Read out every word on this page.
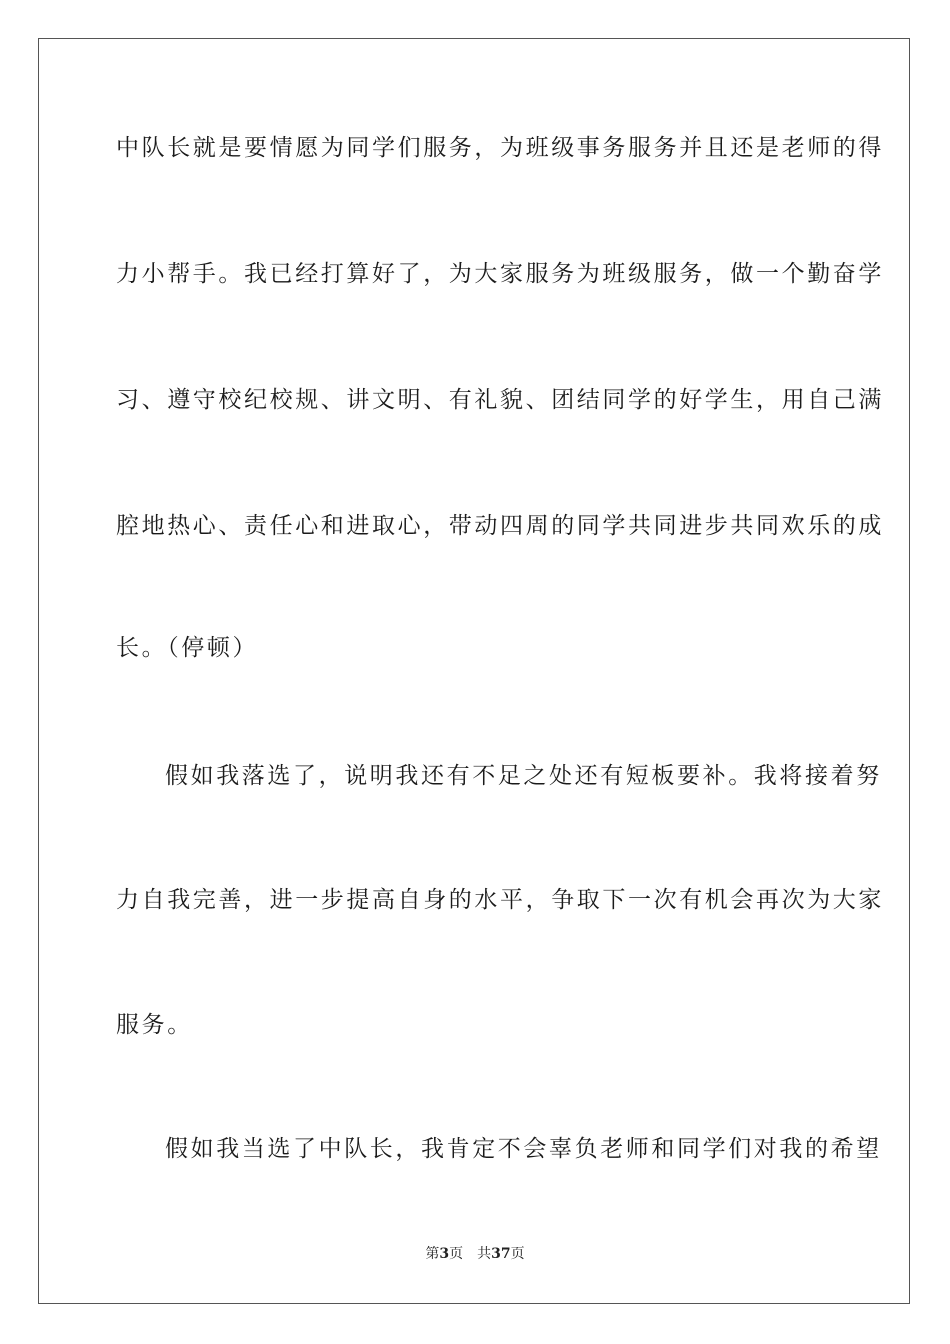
中队长就是要情愿为同学们服务，为班级事务服务并且还是老师的得
力小帮手。我已经打算好了，为大家服务为班级服务，做一个勤奋学
习、遵守校纪校规、讲文明、有礼貌、团结同学的好学生，用自己满
腔地热心、责任心和进取心，带动四周的同学共同进步共同欢乐的成
长。（停顿）
假如我落选了，说明我还有不足之处还有短板要补。我将接着努
力自我完善，进一步提高自身的水平，争取下一次有机会再次为大家
服务。
假如我当选了中队长，我肯定不会辜负老师和同学们对我的希望
第3页 共37页
